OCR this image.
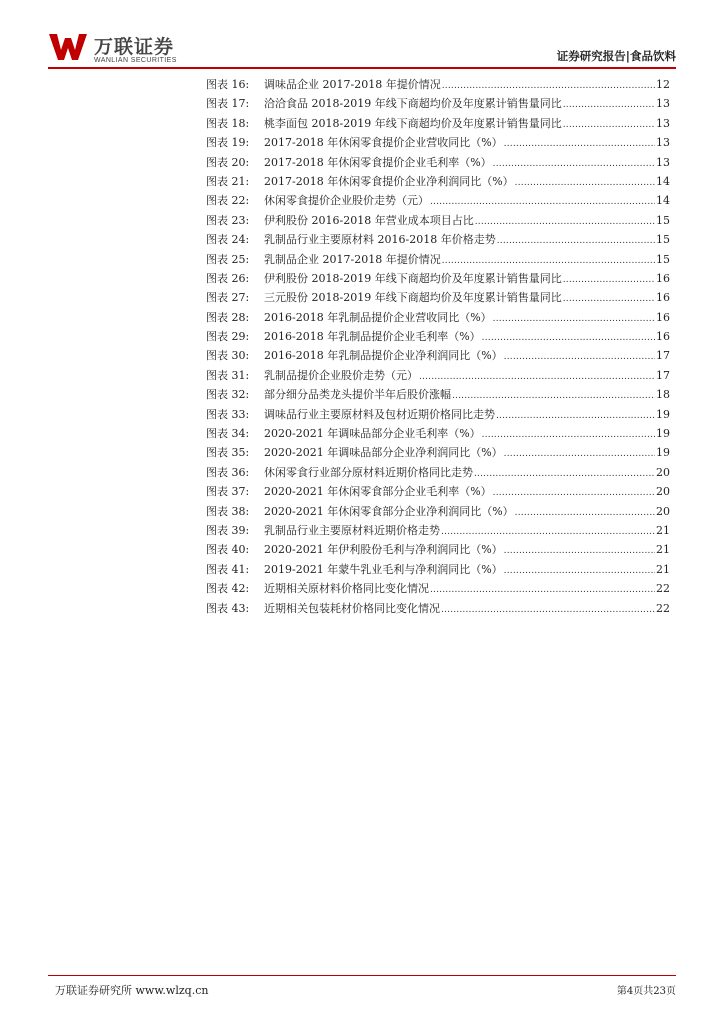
万联证券
WANLIAN SECURITIES	证券研究报告|食品饮料
图表 16:	调味品企业 2017-2018 年提价情况 .....	12
图表 17:	洽洽食品 2018-2019 年线下商超均价及年度累计销售量同比 .....	13
图表 18:	桃李面包 2018-2019 年线下商超均价及年度累计销售量同比 .....	13
图表 19:	2017-2018 年休闲零食提价企业营收同比（%） .....	13
图表 20:	2017-2018 年休闲零食提价企业毛利率（%） .....	13
图表 21:	2017-2018 年休闲零食提价企业净利润同比（%） .....	14
图表 22:	休闲零食提价企业股价走势（元） .....	14
图表 23:	伊利股份 2016-2018 年营业成本项目占比 .....	15
图表 24:	乳制品行业主要原材料 2016-2018 年价格走势 .....	15
图表 25:	乳制品企业 2017-2018 年提价情况 .....	15
图表 26:	伊利股份 2018-2019 年线下商超均价及年度累计销售量同比 .....	16
图表 27:	三元股份 2018-2019 年线下商超均价及年度累计销售量同比 .....	16
图表 28:	2016-2018 年乳制品提价企业营收同比（%） .....	16
图表 29:	2016-2018 年乳制品提价企业毛利率（%） .....	16
图表 30:	2016-2018 年乳制品提价企业净利润同比（%） .....	17
图表 31:	乳制品提价企业股价走势（元） .....	17
图表 32:	部分细分品类龙头提价半年后股价涨幅 .....	18
图表 33:	调味品行业主要原材料及包材近期价格同比走势 .....	19
图表 34:	2020-2021 年调味品部分企业毛利率（%） .....	19
图表 35:	2020-2021 年调味品部分企业净利润同比（%） .....	19
图表 36:	休闲零食行业部分原材料近期价格同比走势 .....	20
图表 37:	2020-2021 年休闲零食部分企业毛利率（%） .....	20
图表 38:	2020-2021 年休闲零食部分企业净利润同比（%） .....	20
图表 39:	乳制品行业主要原材料近期价格走势 .....	21
图表 40:	2020-2021 年伊利股份毛利与净利润同比（%） .....	21
图表 41:	2019-2021 年蒙牛乳业毛利与净利润同比（%） .....	21
图表 42:	近期相关原材料价格同比变化情况 .....	22
图表 43:	近期相关包装耗材价格同比变化情况 .....	22
万联证券研究所 www.wlzq.cn	第4页共23页
